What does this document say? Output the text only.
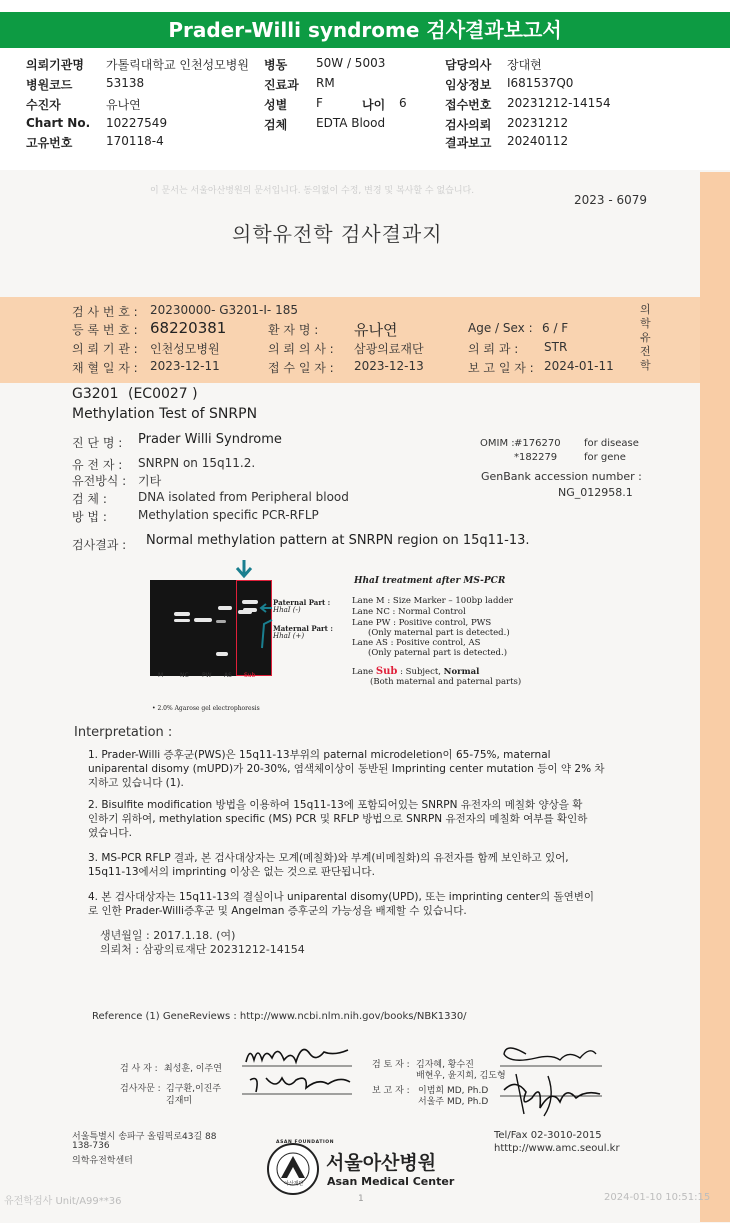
Prader-Willi syndrome 검사결과보고서
의뢰기관명 가톨릭대학교 인천성모병원 병동 50W / 5003	담당의사 장대현
병원코드	53138	진료과 RM	임상정보 I681537Q0
수진자	유나연	성별 F	나이 6	접수번호 20231212-14154
Chart No. 10227549	검체 EDTA Blood	검사의뢰 20231212
고유번호	170118-4	결과보고 20240112
이 문서는 서울아산병원의 문서입니다. 동의없이 수정, 변경 및 복사할 수 없습니다.
2023 - 6079
의학유전학 검사결과지
의학유전학
검 사 번 호 : 20230000- G3201-I- 185
등 록 번 호 : 68220381	환 자 명 : 유나연	Age / Sex : 6 / F
의 뢰 기 관 : 인천성모병원	의 뢰 의 사 : 삼광의료재단	의 뢰 과 : STR
채 혈 일 자 : 2023-12-11	접 수 일 자 : 2023-12-13	보 고 일 자 : 2024-01-11
G3201 (EC0027 )
Methylation Test of SNRPN
진 단 명 : Prader Willi Syndrome
유 전 자 : SNRPN on 15q11.2.
유전방식 : 기타
검 체 :	DNA isolated from Peripheral blood
방 법 :	Methylation specific PCR-RFLP
OMIM : #176270 for disease
*182279	for gene
GenBank accession number :
NG_012958.1
검사결과 : Normal methylation pattern at SNRPN region on 15q11-13.
M	NC PW AS Sub
Paternal Part :
HhaI (-)
Maternal Part :
HhaI (+)
• 2.0% Agarose gel electrophoresis
HhaI treatment after MS-PCR
Lane M : Size Marker – 100bp ladder
Lane NC : Normal Control
Lane PW : Positive control, PWS
(Only maternal part is detected.)
Lane AS : Positive control, AS
(Only paternal part is detected.)
Lane Sub : Subject, Normal
(Both maternal and paternal parts)
Interpretation :
1. Prader-Willi 증후군(PWS)은 15q11-13부위의 paternal microdeletion이 65-75%, maternal
uniparental disomy (mUPD)가 20-30%, 염색체이상이 동반된 Imprinting center mutation 등이 약 2% 차
지하고 있습니다 (1).
2. Bisulfite modification 방법을 이용하여 15q11-13에 포함되어있는 SNRPN 유전자의 메칠화 양상을 확
인하기 위하여, methylation specific (MS) PCR 및 RFLP 방법으로 SNRPN 유전자의 메칠화 여부를 확인하
였습니다.
3. MS-PCR RFLP 결과, 본 검사대상자는 모계(메칠화)와 부계(비메칠화)의 유전자를 함께 보인하고 있어,
15q11-13에서의 imprinting 이상은 없는 것으로 판단됩니다.
4. 본 검사대상자는 15q11-13의 결실이나 uniparental disomy(UPD), 또는 imprinting center의 돌연변이
로 인한 Prader-Willi증후군 및 Angelman 증후군의 가능성을 배제할 수 있습니다.
생년월일 : 2017.1.18. (여)
의뢰처 : 삼광의료재단 20231212-14154
Reference (1) GeneReviews : http://www.ncbi.nlm.nih.gov/books/NBK1330/
검 사 자 : 최성훈, 이주연
검사자문 : 김구환,이진주
김재미
검 토 자 : 김자혜, 황수진
배현우, 윤지희, 김도형
보 고 자 : 이범희 MD, Ph.D
서울주 MD, Ph.D
서울특별시 송파구 올림픽로43길 88
138-736
의학유전학센터
Tel/Fax 02-3010-2015
htttp://www.amc.seoul.kr
ASAN FOUNDATION
아산재단
서울아산병원
Asan Medical Center
유전학검사 Unit/A99**36	1	2024-01-10 10:51:15
